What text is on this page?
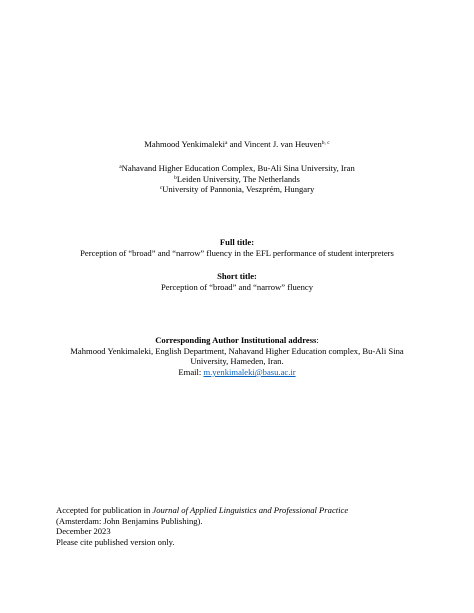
Mahmood Yenkimaleki$^a$ and Vincent J. van Heuven$^{b, c}$
$^a$Nahavand Higher Education Complex, Bu-Ali Sina University, Iran
$^b$Leiden University, The Netherlands
$^c$University of Pannonia, Veszprém, Hungary
Full title:
Perception of “broad” and “narrow” fluency in the EFL performance of student interpreters
Short title:
Perception of “broad” and “narrow” fluency
Corresponding Author Institutional address:
Mahmood Yenkimaleki, English Department, Nahavand Higher Education complex, Bu-Ali Sina
University, Hameden, Iran.
Email: m.yenkimaleki@basu.ac.ir
Accepted for publication in Journal of Applied Linguistics and Professional Practice
(Amsterdam: John Benjamins Publishing).
December 2023
Please cite published version only.
